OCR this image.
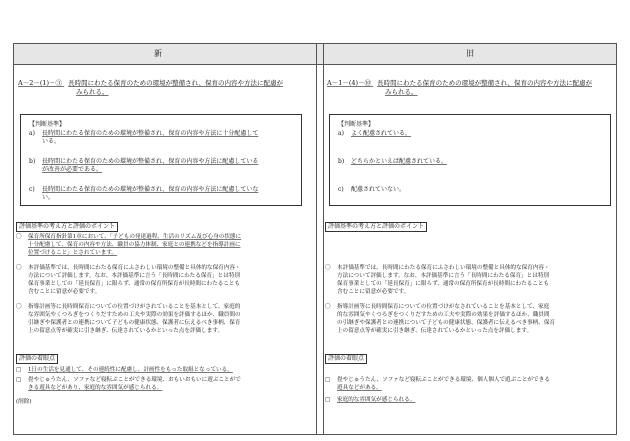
新	旧
A－2－(1)－③ 長時間にわたる保育のための環境が整備され、保育の内容や方法に配慮が
みられる。
【判断基準】
a) 長時間にわたる保育のための環境が整備され、保育の内容や方法に十分配慮して
いる。
b) 長時間にわたる保育のための環境が整備され、保育の内容や方法に配慮している
が改善が必要である。
c) 長時間にわたる保育のための環境が整備され、保育の内容や方法に配慮していな
い。
評価基準の考え方と評価のポイント
〇 保育所保育指針第1章において、「子どもの発達過程、生活のリズム及び心身の状態に
十分配慮して、保育の内容や方法、職員の協力体制、家庭との連携などを指導計画に
位置づけること」とされています。
〇 本評価基準では、長時間にわたる保育にふさわしい環境の整備と具体的な保育内容・
方法について評価します。なお、本評価基準に言う「長時間にわたる保育」とは特別
保育事業としての「延長保育」に限らず、通常の保育所保育が長時間にわたることも
含むことに留意が必要です。
〇 指導計画等に長時間保育についての位置づけがされていることを基本として、家庭的
な雰囲気やくつろぎをつくりだすための工夫や実際の効果を評価するほか、職員間の
引継ぎや保護者との連携について子どもの健康状態、保護者に伝えるべき事柄、保育
上の留意点等が確実に引き継ぎ、伝達されているかといった点を評価します。
評価の着眼点
□ 1日の生活を見通して、その連続性に配慮し、計画性をもった取組となっている。
□ 畳やじゅうたん、ソファなど寝転ぶことができる環境、おもいおもいに遊ぶことがで
きる遊具などがあり、家庭的な雰囲気が感じられる。
(削除)
A－1－(4)－⑩ 長時間にわたる保育のための環境が整備され、保育の内容や方法に配慮が
みられる。
【判断基準】
a) よく配慮されている。
b) どちらかといえば配慮されている。
c) 配慮されていない。
評価基準の考え方と評価のポイント
〇 本評価基準では、長時間にわたる保育にふさわしい環境の整備と具体的な保育内容・
方法について評価します。なお、本評価基準に言う「長時間にわたる保育」とは特別
保育事業としての「延長保育」に限らず、通常の保育所保育が長時間にわたることも
含むことに留意が必要です。
〇 指導計画等に長時間保育についての位置づけがなされていることを基本として、家庭
的な雰囲気やくつろぎをつくりだすための工夫や実際の効果を評価するほか、職員間
の引継ぎや保護者との連携について子どもの健康状態、保護者に伝えるべき事柄、保育
上の留意点等が確実に引き継ぎ、伝達されているかといった点を評価します。
評価の着眼点
□ 畳やじゅうたん、ソファなど寝転ぶことができる環境、個人個人で遊ぶことができる
遊具などがある。
□ 家庭的な雰囲気が感じられる。
